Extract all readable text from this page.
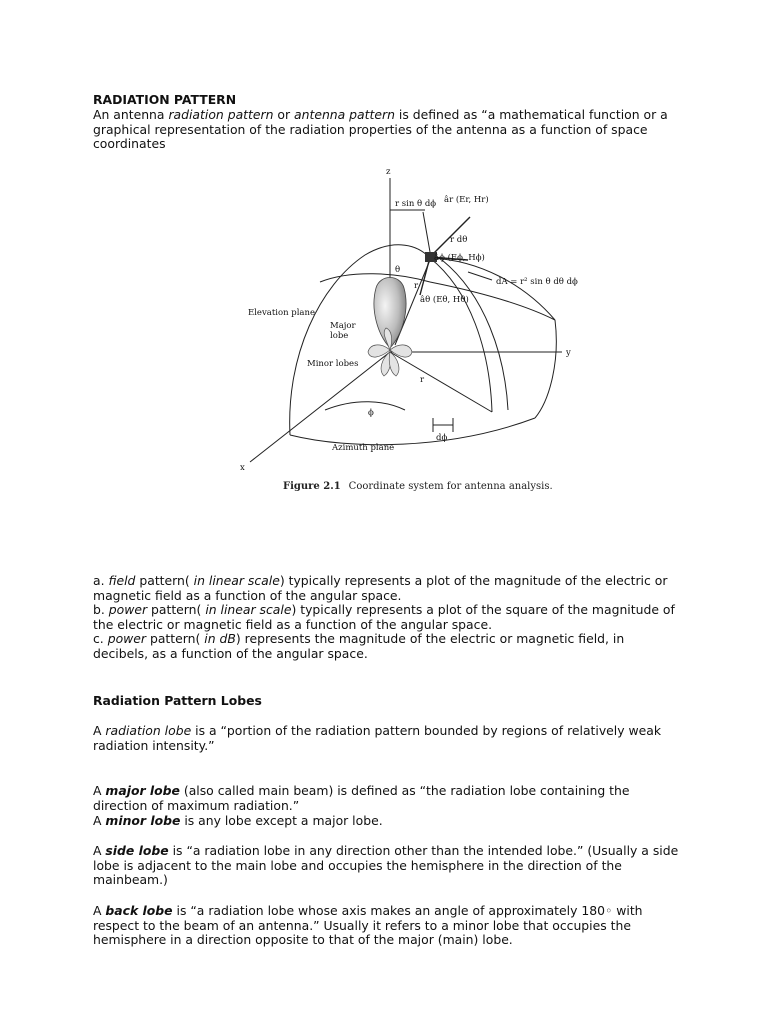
RADIATION PATTERN

An antenna radiation pattern or antenna pattern is defined as “a mathematical function or a graphical representation of the radiation properties of the antenna as a function of space coordinates

z
y
x
r sin θ dϕ âr (Er, Hr)
r dθ
âϕ (Eϕ, Hϕ)
âθ (Eθ, Hθ)
dA = r² sin θ dθ dϕ
Elevation plane
Major
lobe
Minor lobes
Azimuth plane
ϕ
dϕ
θ
r
r
Figure 2.1 Coordinate system for antenna analysis.

a. field pattern( in linear scale) typically represents a plot of the magnitude of the electric or magnetic field as a function of the angular space.

b. power pattern( in linear scale) typically represents a plot of the square of the magnitude of the electric or magnetic field as a function of the angular space.

c. power pattern( in dB) represents the magnitude of the electric or magnetic field, in decibels, as a function of the angular space.

Radiation Pattern Lobes

A radiation lobe is a “portion of the radiation pattern bounded by regions of relatively weak radiation intensity.”

A major lobe (also called main beam) is defined as “the radiation lobe containing the direction of maximum radiation.”

A minor lobe is any lobe except a major lobe.

A side lobe is “a radiation lobe in any direction other than the intended lobe.” (Usually a side lobe is adjacent to the main lobe and occupies the hemisphere in the direction of the mainbeam.)

A back lobe is “a radiation lobe whose axis makes an angle of approximately 180◦ with respect to the beam of an antenna.” Usually it refers to a minor lobe that occupies the hemisphere in a direction opposite to that of the major (main) lobe.
